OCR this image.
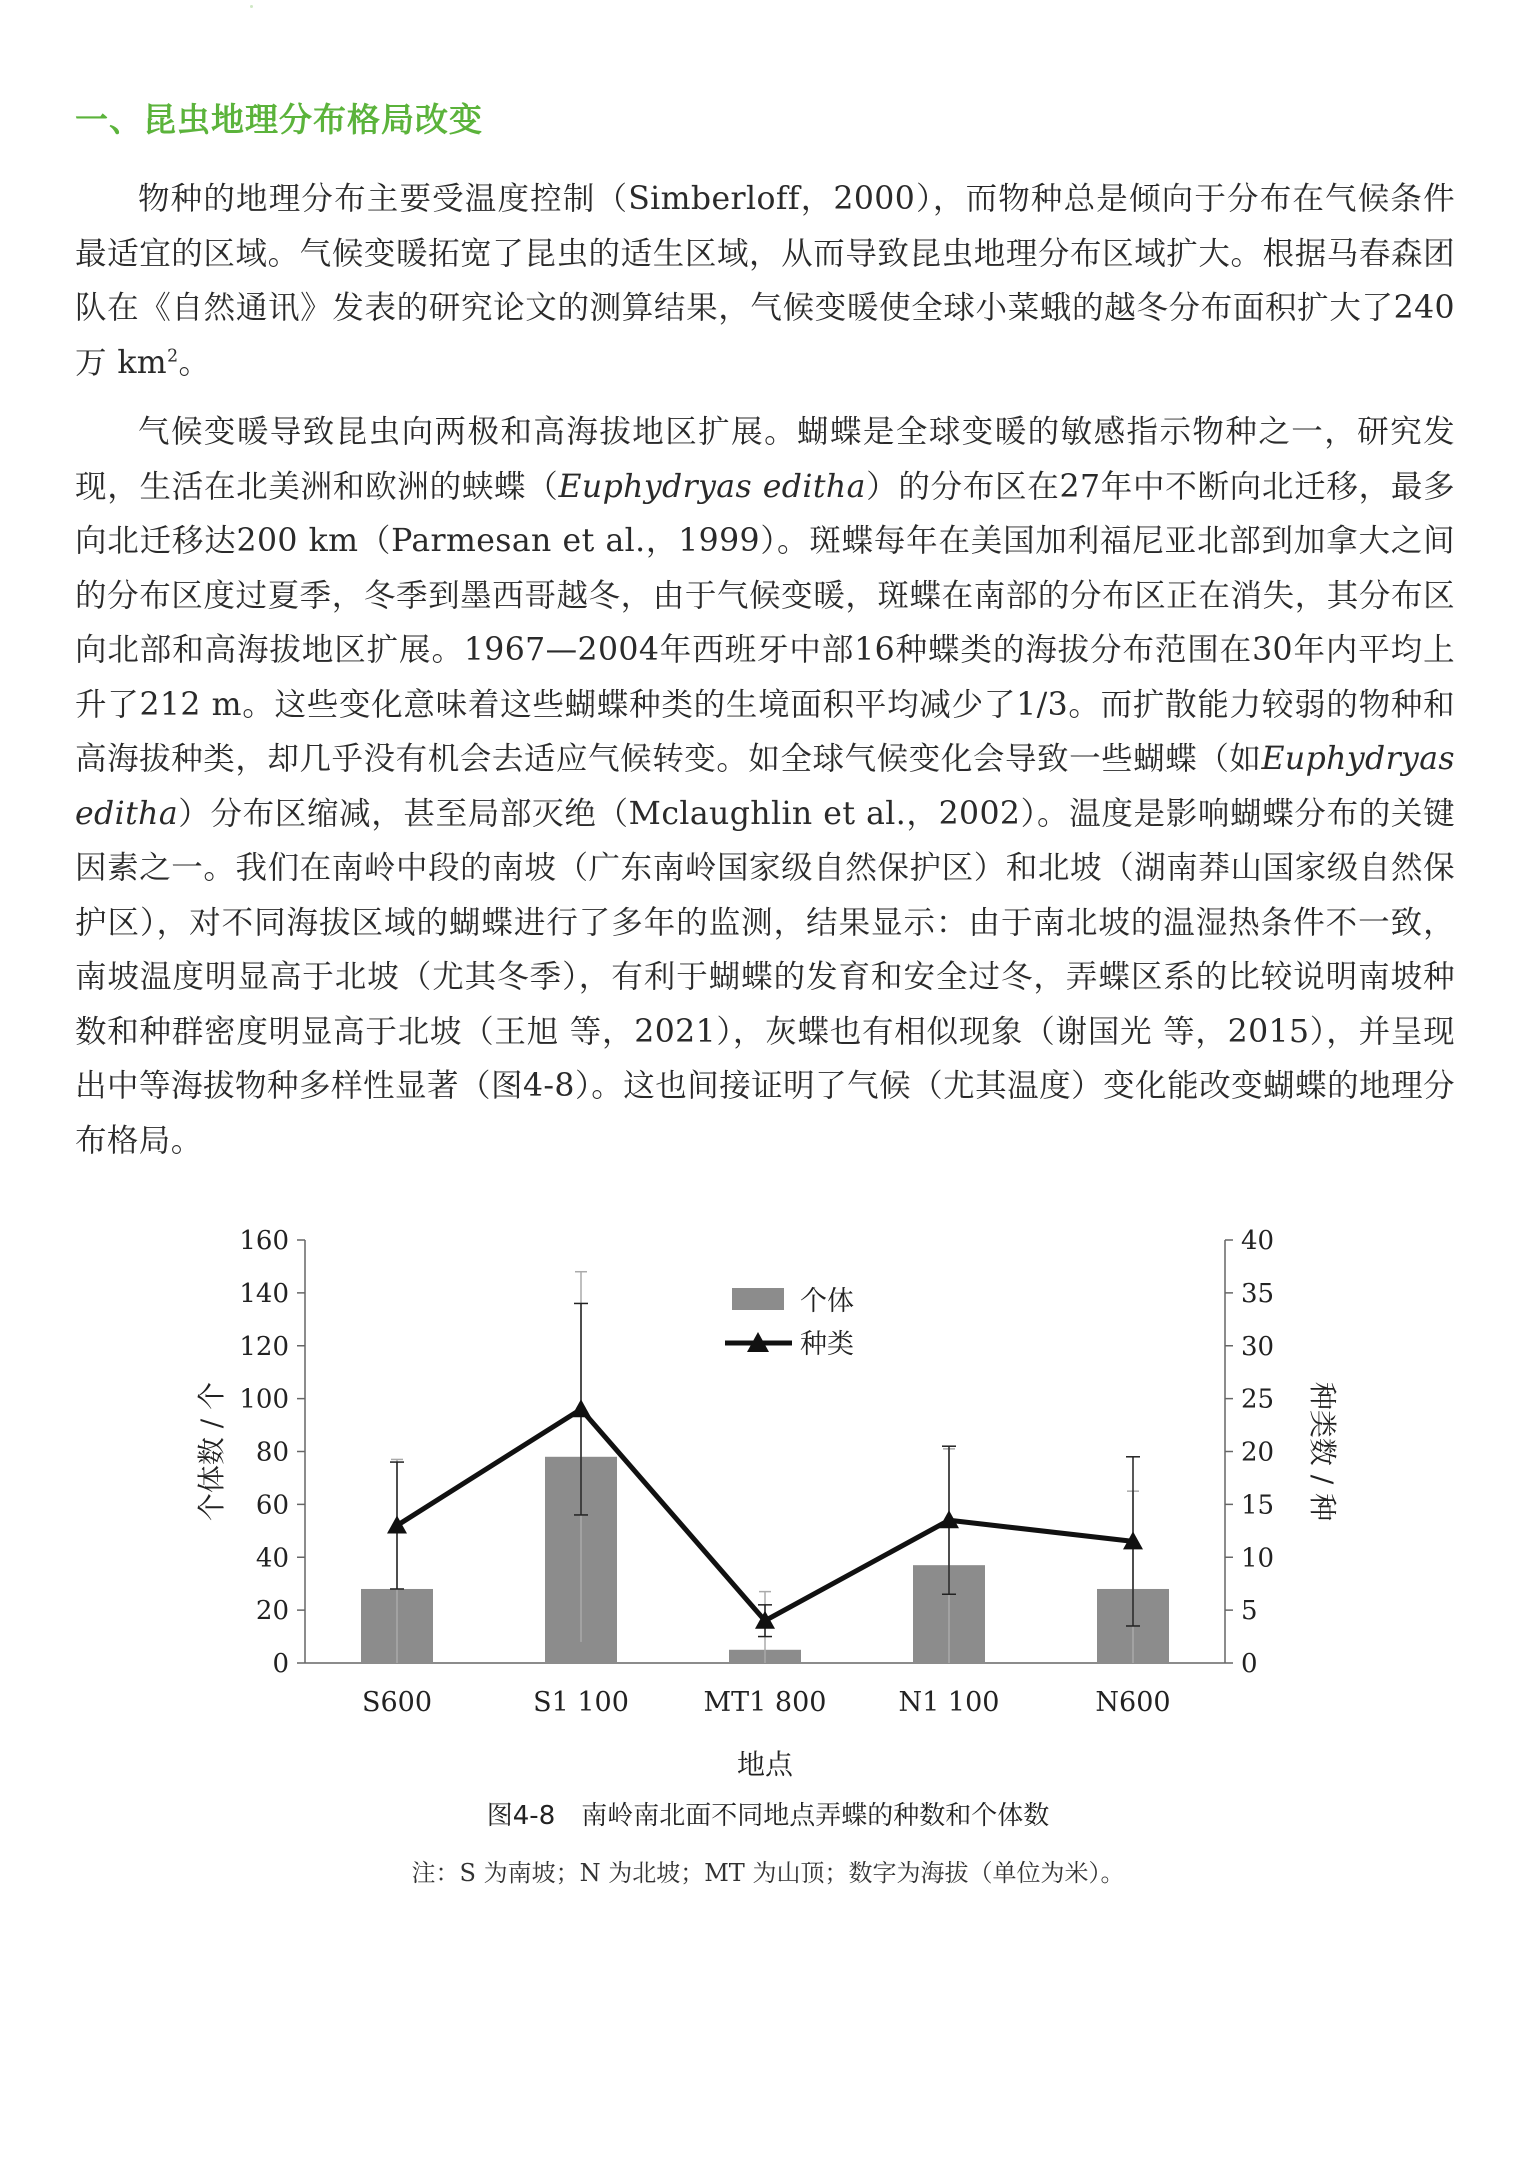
一、昆虫地理分布格局改变

物种的地理分布主要受温度控制（Simberloff，2000），而物种总是倾向于分布在气候条件最适宜的区域。气候变暖拓宽了昆虫的适生区域，从而导致昆虫地理分布区域扩大。根据马春森团队在《自然通讯》发表的研究论文的测算结果，气候变暖使全球小菜蛾的越冬分布面积扩大了240万 $km^2$。

气候变暖导致昆虫向两极和高海拔地区扩展。蝴蝶是全球变暖的敏感指示物种之一，研究发现，生活在北美洲和欧洲的蛱蝶（Euphydryas editha）的分布区在27年中不断向北迁移，最多向北迁移达200 km（Parmesan et al.，1999）。斑蝶每年在美国加利福尼亚北部到加拿大之间的分布区度过夏季，冬季到墨西哥越冬，由于气候变暖，斑蝶在南部的分布区正在消失，其分布区向北部和高海拔地区扩展。1967—2004年西班牙中部16种蝶类的海拔分布范围在30年内平均上升了212 m。这些变化意味着这些蝴蝶种类的生境面积平均减少了1/3。而扩散能力较弱的物种和高海拔种类，却几乎没有机会去适应气候转变。如全球气候变化会导致一些蝴蝶（如Euphydryas editha）分布区缩减，甚至局部灭绝（Mclaughlin et al.，2002）。温度是影响蝴蝶分布的关键因素之一。我们在南岭中段的南坡（广东南岭国家级自然保护区）和北坡（湖南莽山国家级自然保护区），对不同海拔区域的蝴蝶进行了多年的监测，结果显示：由于南北坡的温湿热条件不一致，南坡温度明显高于北坡（尤其冬季），有利于蝴蝶的发育和安全过冬，弄蝶区系的比较说明南坡种数和种群密度明显高于北坡（王旭 等，2021），灰蝶也有相似现象（谢国光 等，2015），并呈现出中等海拔物种多样性显著（图4-8）。这也间接证明了气候（尤其温度）变化能改变蝴蝶的地理分布格局。

0
20
40
60
80
100
120
140
160
0
5
10
15
20
25
30
35
40
个体数 / 个	种类数 / 种
地点
S600	S1 100	MT1 800	N1 100	N600
个体
种类

图4-8　南岭南北面不同地点弄蝶的种数和个体数

注：S 为南坡；N 为北坡；MT 为山顶；数字为海拔（单位为米）。
